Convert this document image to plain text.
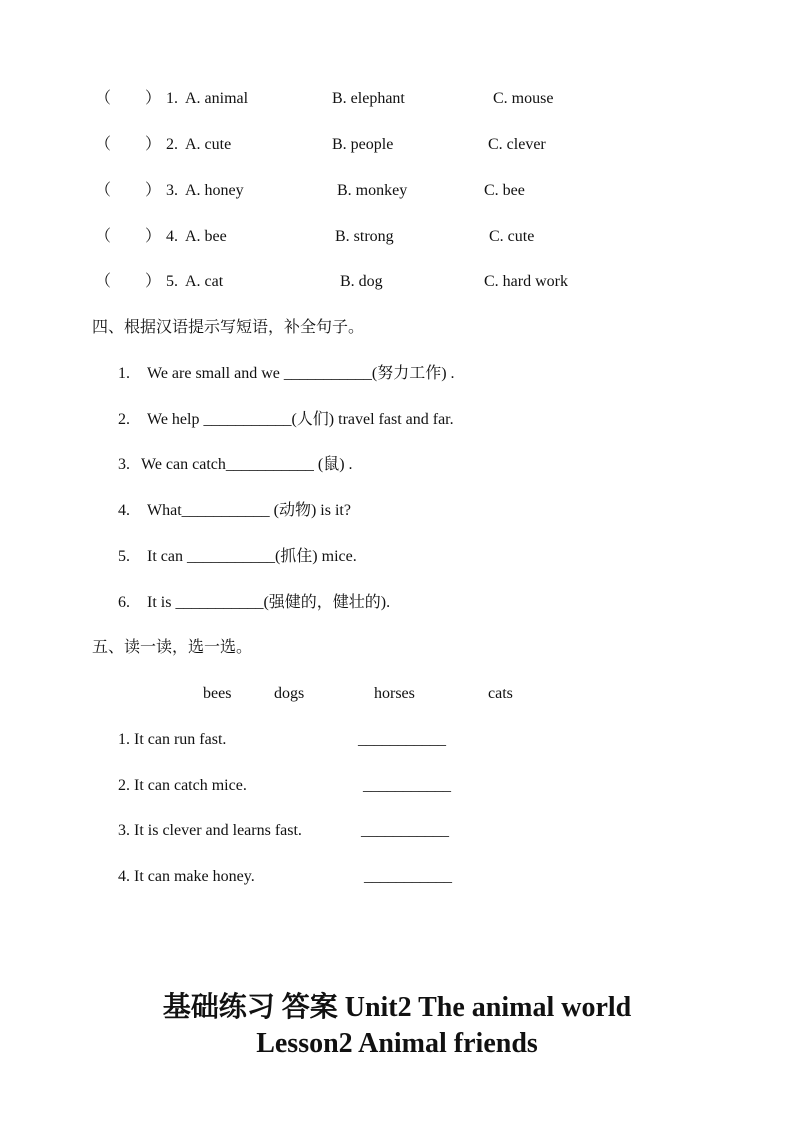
（ ） 1. A. animal	B. elephant	C. mouse
（ ） 2. A. cute	B. people	C. clever
（ ） 3. A. honey	B. monkey	C. bee
（ ） 4. A. bee	B. strong	C. cute
（ ） 5. A. cat	B. dog	C. hard work
四、根据汉语提示写短语，补全句子。
1. We are small and we ___________(努力工作) .
2. We help ___________(人们) travel fast and far.
3. We can catch___________ (鼠) .
4. What___________ (动物) is it?
5. It can ___________(抓住) mice.
6. It is ___________(强健的，健壮的).
五、读一读，选一选。
bees	dogs	horses	cats
1. It can run fast.	___________
2. It can catch mice.	___________
3. It is clever and learns fast.	___________
4. It can make honey.	___________
基础练习 答案 Unit2 The animal world
Lesson2 Animal friends
